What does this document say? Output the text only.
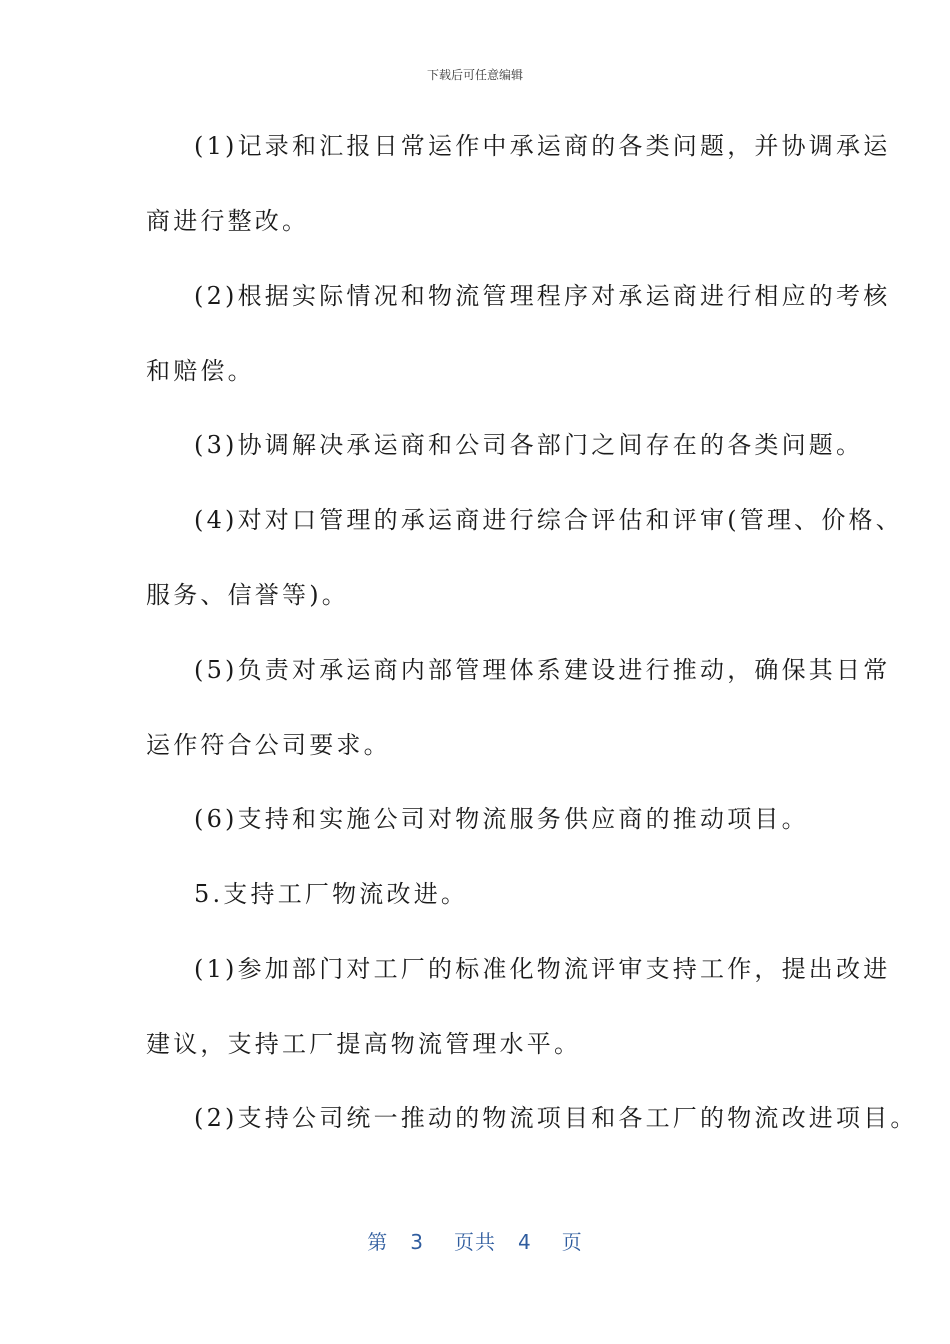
下载后可任意编辑
(1)记录和汇报日常运作中承运商的各类问题，并协调承运
商进行整改。
(2)根据实际情况和物流管理程序对承运商进行相应的考核
和赔偿。
(3)协调解决承运商和公司各部门之间存在的各类问题。
(4)对对口管理的承运商进行综合评估和评审(管理、价格、
服务、信誉等)。
(5)负责对承运商内部管理体系建设进行推动，确保其日常
运作符合公司要求。
(6)支持和实施公司对物流服务供应商的推动项目。
5.支持工厂物流改进。
(1)参加部门对工厂的标准化物流评审支持工作，提出改进
建议，支持工厂提高物流管理水平。
(2)支持公司统一推动的物流项目和各工厂的物流改进项目。
第 3 页共 4 页
